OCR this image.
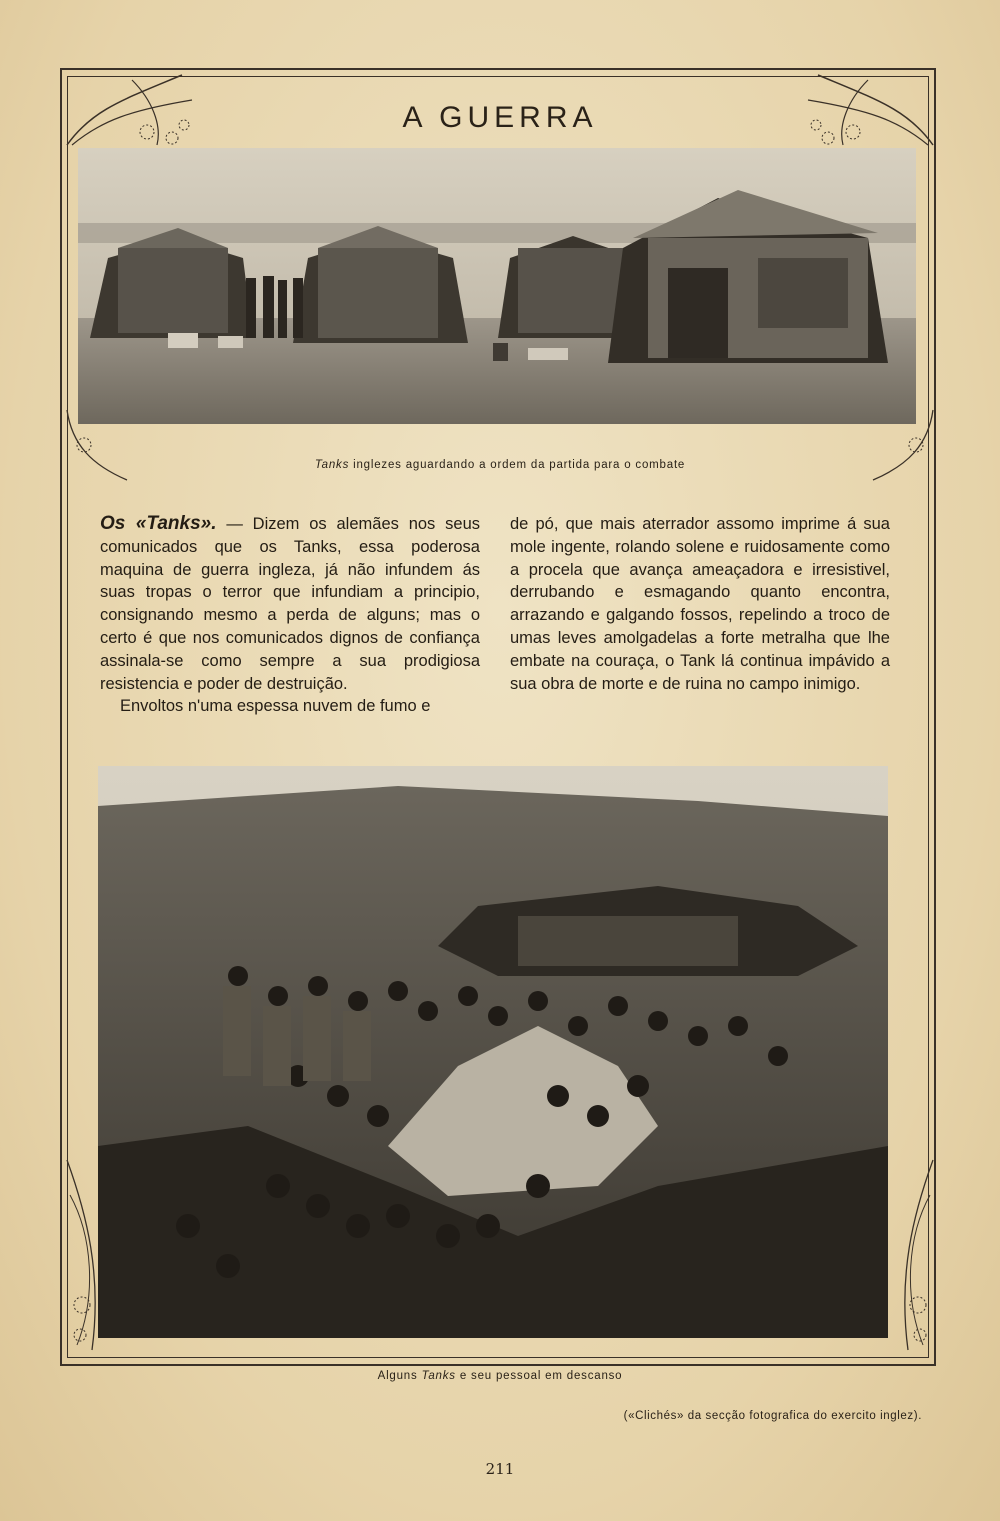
A GUERRA
Tanks inglezes aguardando a ordem da partida para o combate

Os «Tanks». — Dizem os alemães nos seus comunicados que os Tanks, essa poderosa maquina de guerra ingleza, já não infundem ás suas tropas o terror que infundiam a principio, consignando mesmo a perda de alguns; mas o certo é que nos comunicados dignos de confiança assinala-se como sempre a sua prodigiosa resistencia e poder de destruição.

Envoltos n'uma espessa nuvem de fumo e

de pó, que mais aterrador assomo imprime á sua mole ingente, rolando solene e ruidosamente como a procela que avança ameaçadora e irresistivel, derrubando e esmagando quanto encontra, arrazando e galgando fossos, repelindo a troco de umas leves amolgadelas a forte metralha que lhe embate na couraça, o Tank lá continua impávido a sua obra de morte e de ruina no campo inimigo.

Alguns Tanks e seu pessoal em descanso
(«Clichés» da secção fotografica do exercito inglez).
211
